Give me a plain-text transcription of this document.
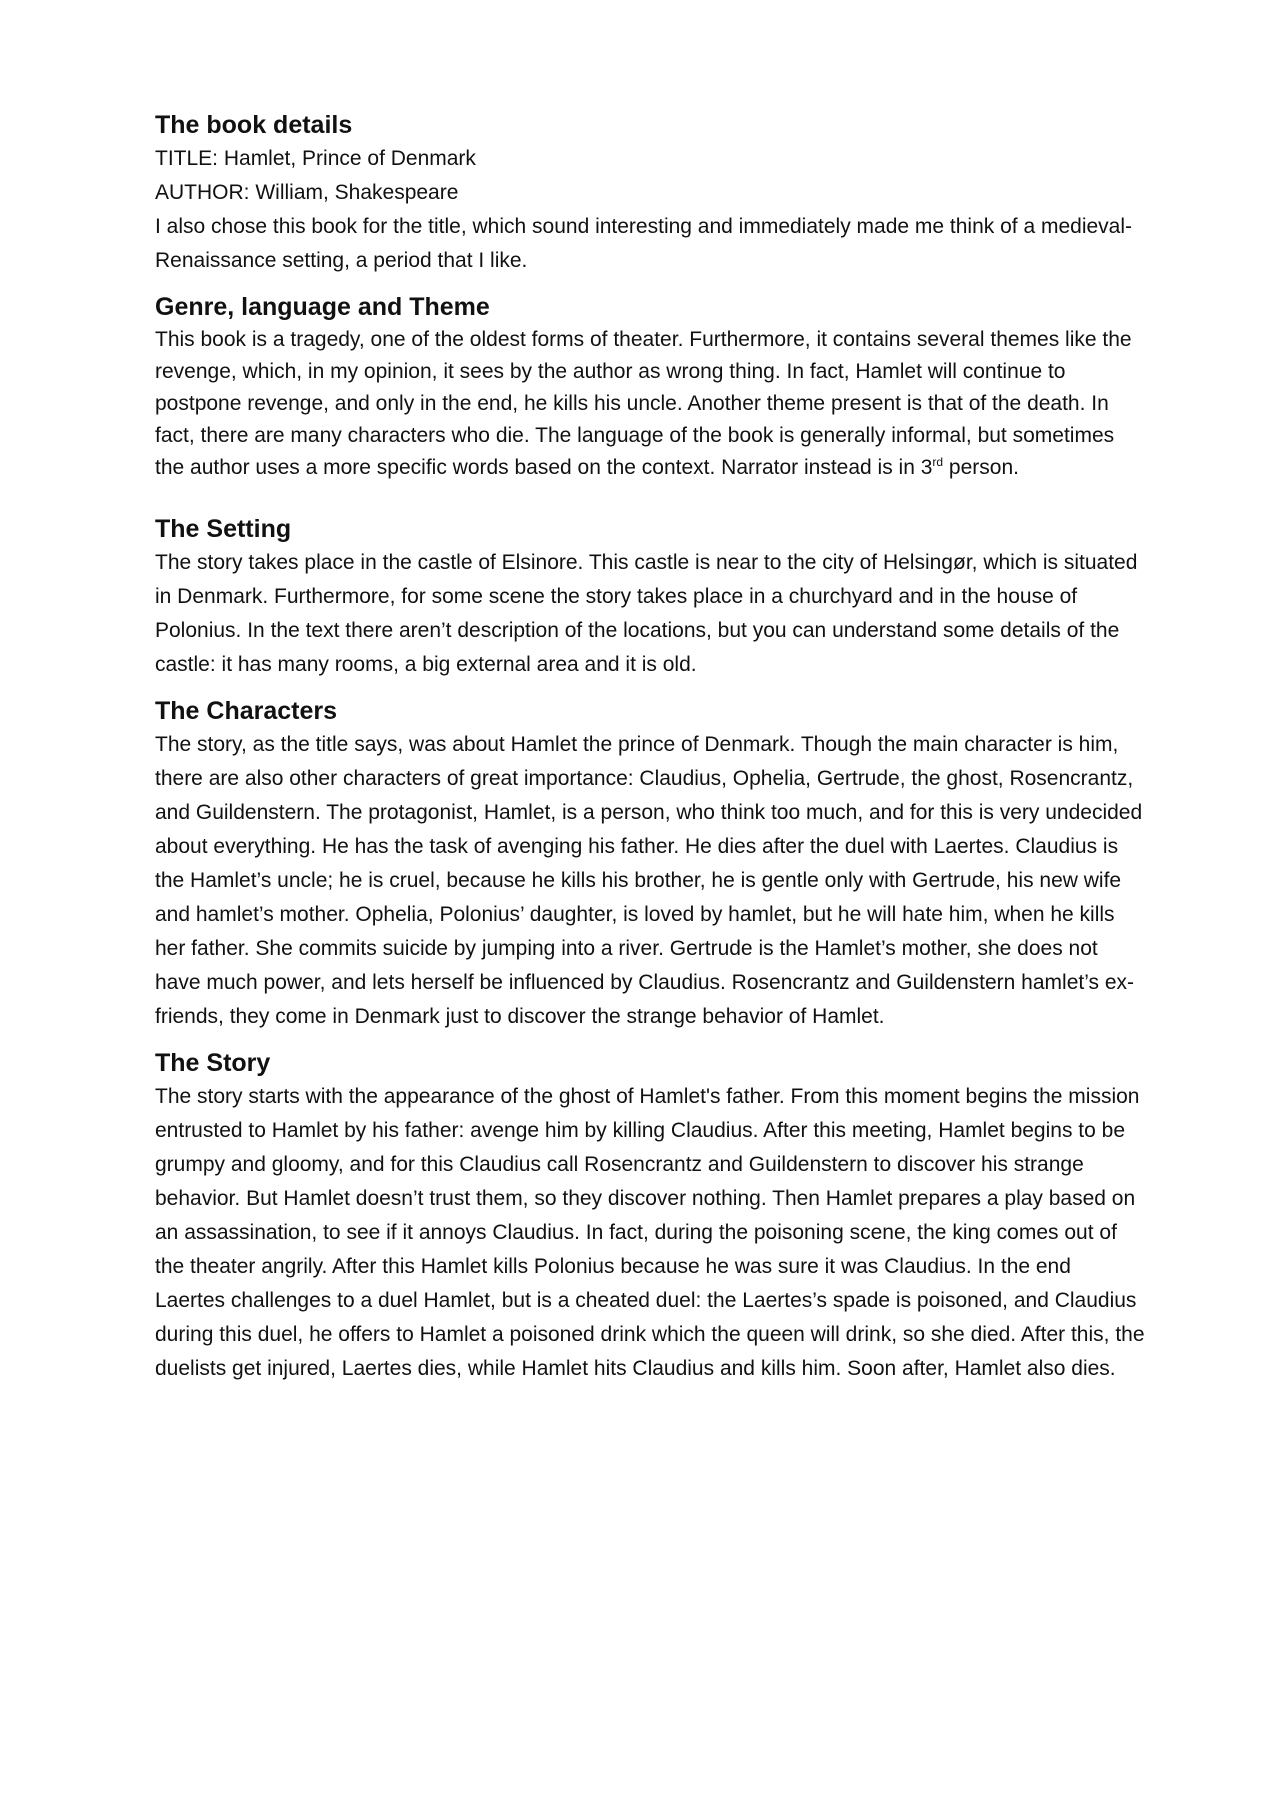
The book details

TITLE: Hamlet, Prince of Denmark

AUTHOR: William, Shakespeare

I also chose this book for the title, which sound interesting and immediately made me think of a medieval-Renaissance setting, a period that I like.

Genre, language and Theme

This book is a tragedy, one of the oldest forms of theater. Furthermore, it contains several themes like the revenge, which, in my opinion, it sees by the author as wrong thing. In fact, Hamlet will continue to postpone revenge, and only in the end, he kills his uncle. Another theme present is that of the death. In fact, there are many characters who die. The language of the book is generally informal, but sometimes the author uses a more specific words based on the context. Narrator instead is in 3rd person.

The Setting

The story takes place in the castle of Elsinore. This castle is near to the city of Helsingør, which is situated in Denmark. Furthermore, for some scene the story takes place in a churchyard and in the house of Polonius. In the text there aren’t description of the locations, but you can understand some details of the castle: it has many rooms, a big external area and it is old.

The Characters

The story, as the title says, was about Hamlet the prince of Denmark. Though the main character is him, there are also other characters of great importance: Claudius, Ophelia, Gertrude, the ghost, Rosencrantz, and Guildenstern. The protagonist, Hamlet, is a person, who think too much, and for this is very undecided about everything. He has the task of avenging his father. He dies after the duel with Laertes. Claudius is the Hamlet’s uncle; he is cruel, because he kills his brother, he is gentle only with Gertrude, his new wife and hamlet’s mother. Ophelia, Polonius’ daughter, is loved by hamlet, but he will hate him, when he kills her father. She commits suicide by jumping into a river. Gertrude is the Hamlet’s mother, she does not have much power, and lets herself be influenced by Claudius. Rosencrantz and Guildenstern hamlet’s ex-friends, they come in Denmark just to discover the strange behavior of Hamlet.

The Story

The story starts with the appearance of the ghost of Hamlet's father. From this moment begins the mission entrusted to Hamlet by his father: avenge him by killing Claudius. After this meeting, Hamlet begins to be grumpy and gloomy, and for this Claudius call Rosencrantz and Guildenstern to discover his strange behavior. But Hamlet doesn’t trust them, so they discover nothing. Then Hamlet prepares a play based on an assassination, to see if it annoys Claudius. In fact, during the poisoning scene, the king comes out of the theater angrily. After this Hamlet kills Polonius because he was sure it was Claudius. In the end Laertes challenges to a duel Hamlet, but is a cheated duel: the Laertes’s spade is poisoned, and Claudius during this duel, he offers to Hamlet a poisoned drink which the queen will drink, so she died. After this, the duelists get injured, Laertes dies, while Hamlet hits Claudius and kills him. Soon after, Hamlet also dies.
